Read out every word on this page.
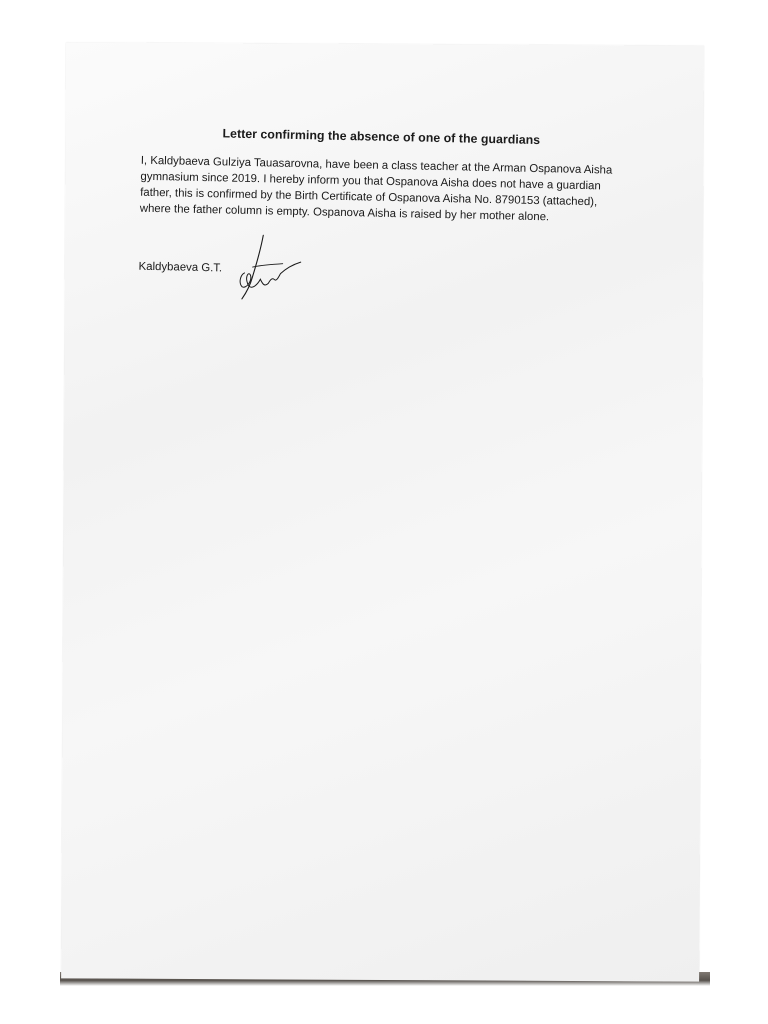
Letter confirming the absence of one of the guardians

I, Kaldybaeva Gulziya Tauasarovna, have been a class teacher at the Arman Ospanova Aisha gymnasium since 2019. I hereby inform you that Ospanova Aisha does not have a guardian father, this is confirmed by the Birth Certificate of Ospanova Aisha No. 8790153 (attached), where the father column is empty. Ospanova Aisha is raised by her mother alone.

Kaldybaeva G.T.
